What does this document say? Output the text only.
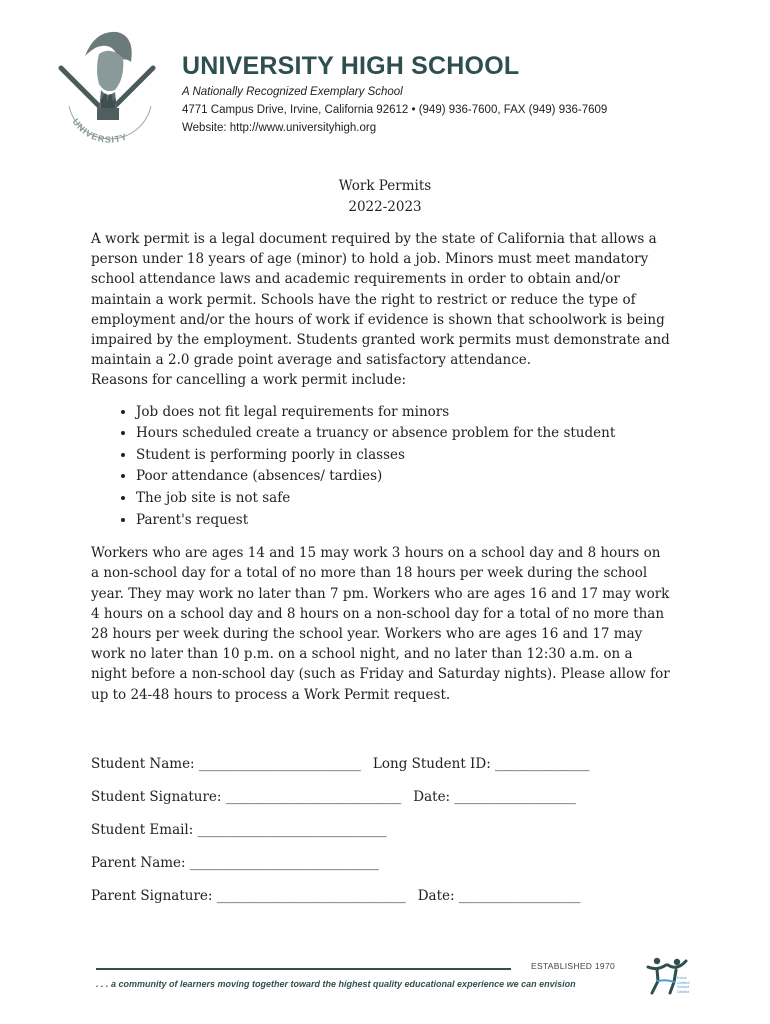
UNIVERSITY
UNIVERSITY HIGH SCHOOL
A Nationally Recognized Exemplary School
4771 Campus Drive, Irvine, California 92612 • (949) 936-7600, FAX (949) 936-7609
Website: http://www.universityhigh.org
Work Permits
2022-2023

A work permit is a legal document required by the state of California that allows a person under 18 years of age (minor) to hold a job. Minors must meet mandatory school attendance laws and academic requirements in order to obtain and/or maintain a work permit. Schools have the right to restrict or reduce the type of employment and/or the hours of work if evidence is shown that schoolwork is being impaired by the employment. Students granted work permits must demonstrate and maintain a 2.0 grade point average and satisfactory attendance.

Reasons for cancelling a work permit include:

• Job does not fit legal requirements for minors
• Hours scheduled create a truancy or absence problem for the student
• Student is performing poorly in classes
• Poor attendance (absences/ tardies)
• The job site is not safe
• Parent's request

Workers who are ages 14 and 15 may work 3 hours on a school day and 8 hours on a non-school day for a total of no more than 18 hours per week during the school year. They may work no later than 7 pm. Workers who are ages 16 and 17 may work 4 hours on a school day and 8 hours on a non-school day for a total of no more than 28 hours per week during the school year. Workers who are ages 16 and 17 may work no later than 10 p.m. on a school night, and no later than 12:30 a.m. on a night before a non-school day (such as Friday and Saturday nights). Please allow for up to 24-48 hours to process a Work Permit request.

Student Name: ________________________ Long Student ID: ______________
Student Signature: __________________________ Date: __________________
Student Email: ____________________________
Parent Name: ____________________________
Parent Signature: ____________________________ Date: __________________
ESTABLISHED 1970
. . . a community of learners moving together toward the highest quality educational experience we can envision
Irvine
Unified
School
District
